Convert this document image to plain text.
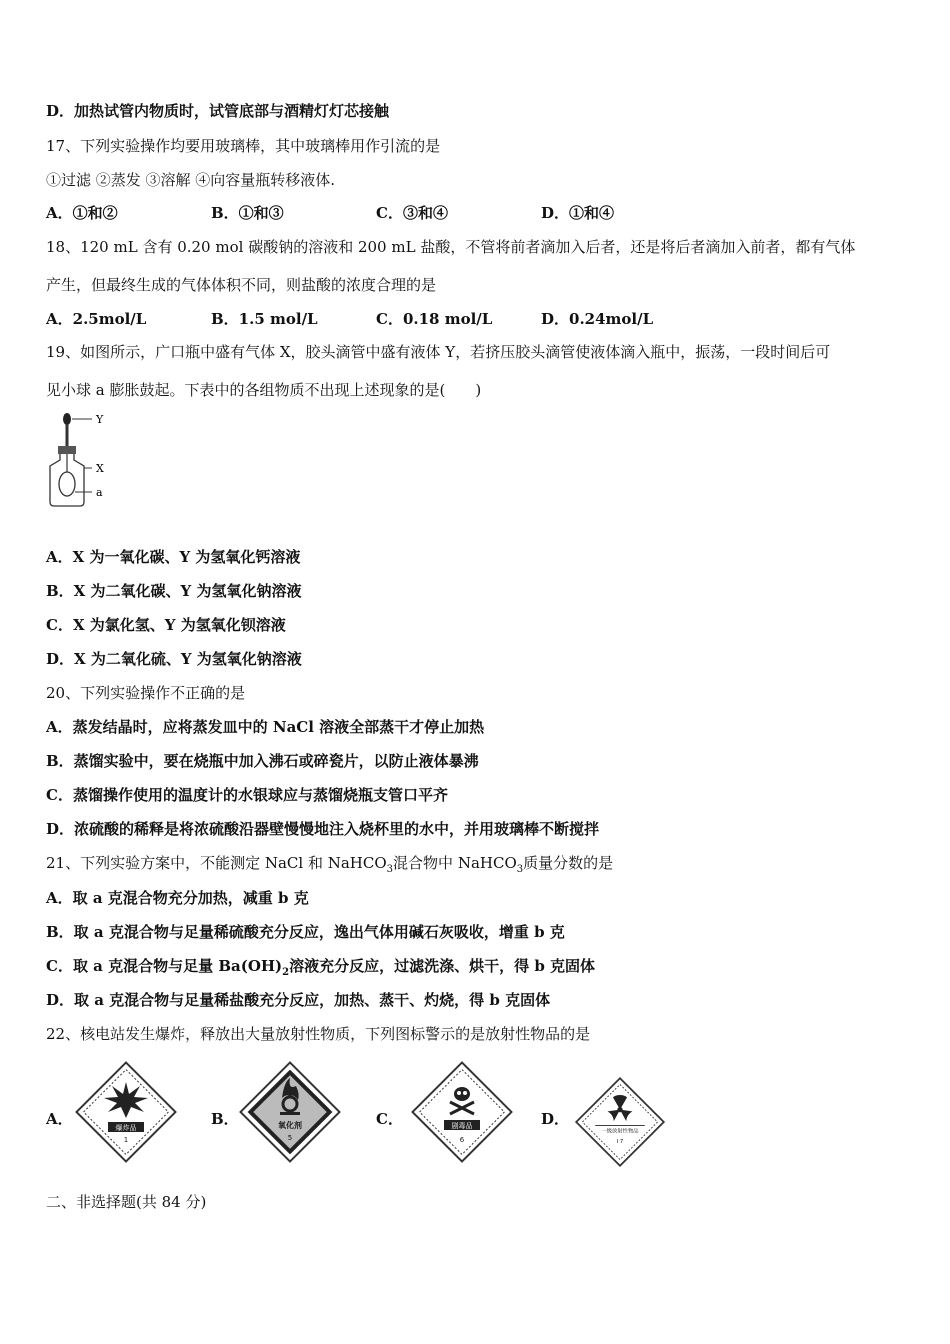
D．加热试管内物质时，试管底部与酒精灯灯芯接触
17、下列实验操作均要用玻璃棒，其中玻璃棒用作引流的是
①过滤 ②蒸发 ③溶解 ④向容量瓶转移液体.
A．①和②	B．①和③	C．③和④	D．①和④
18、120 mL 含有 0.20 mol 碳酸钠的溶液和 200 mL 盐酸，不管将前者滴加入后者，还是将后者滴加入前者，都有气体
产生，但最终生成的气体体积不同，则盐酸的浓度合理的是
A．2.5mol/L	B．1.5 mol/L	C．0.18 mol/L	D．0.24mol/L
19、如图所示，广口瓶中盛有气体 X，胶头滴管中盛有液体 Y，若挤压胶头滴管使液体滴入瓶中，振荡，一段时间后可
见小球 a 膨胀鼓起。下表中的各组物质不出现上述现象的是(　　)
Y
X
a
A．X 为一氧化碳、Y 为氢氧化钙溶液
B．X 为二氧化碳、Y 为氢氧化钠溶液
C．X 为氯化氢、Y 为氢氧化钡溶液
D．X 为二氧化硫、Y 为氢氧化钠溶液
20、下列实验操作不正确的是
A．蒸发结晶时，应将蒸发皿中的 NaCl 溶液全部蒸干才停止加热
B．蒸馏实验中，要在烧瓶中加入沸石或碎瓷片，以防止液体暴沸
C．蒸馏操作使用的温度计的水银球应与蒸馏烧瓶支管口平齐
D．浓硫酸的稀释是将浓硫酸沿器壁慢慢地注入烧杯里的水中，并用玻璃棒不断搅拌
21、下列实验方案中，不能测定 NaCl 和 NaHCO$_3$混合物中 NaHCO$_3$质量分数的是
A．取 a 克混合物充分加热，减重 b 克
B．取 a 克混合物与足量稀硫酸充分反应，逸出气体用碱石灰吸收，增重 b 克
C．取 a 克混合物与足量 $Ba(OH)_2$溶液充分反应，过滤洗涤、烘干，得 b 克固体
D．取 a 克混合物与足量稀盐酸充分反应，加热、蒸干、灼烧，得 b 克固体
22、核电站发生爆炸，释放出大量放射性物质，下列图标警示的是放射性物品的是
A．	爆炸品
1
B．	氧化剂
5
C．	剧毒品
6
D．
一级放射性物品
I 7
二、非选择题(共 84 分)
